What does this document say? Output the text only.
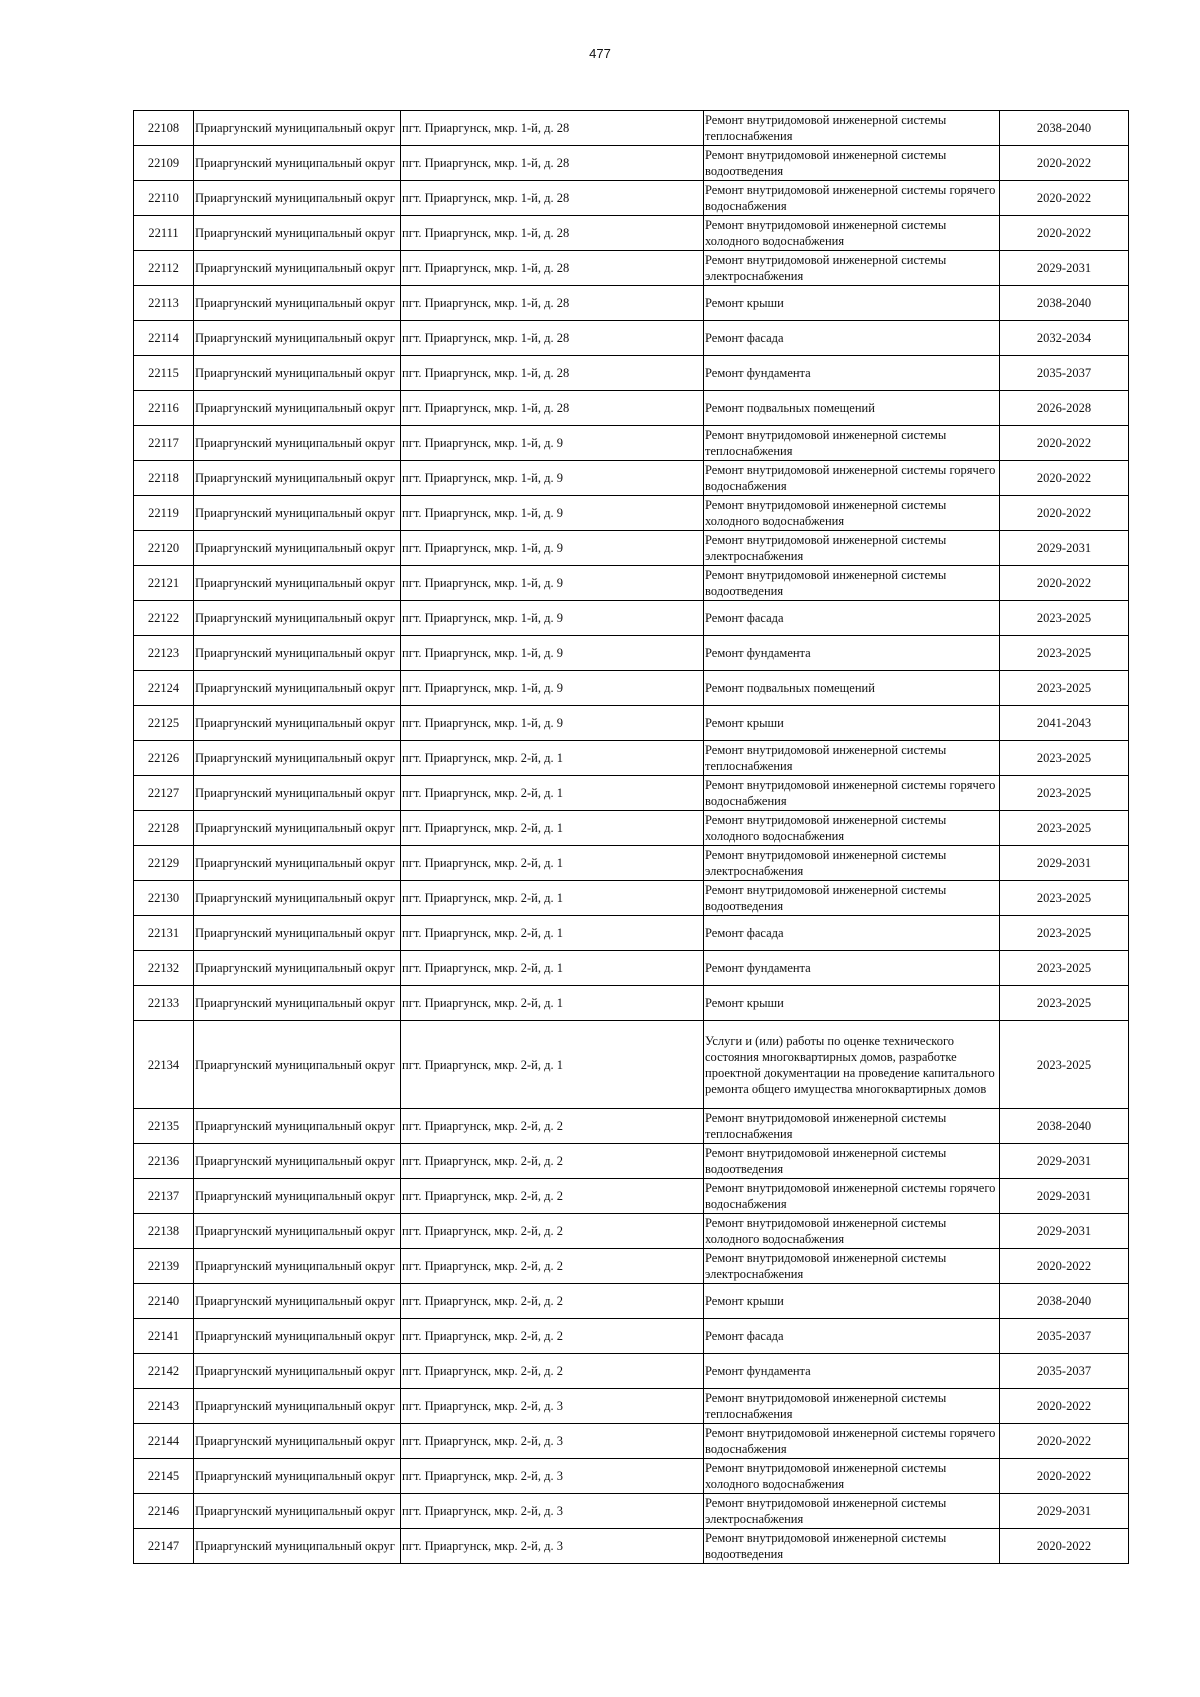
477
22108	Приаргунский муниципальный округ	пгт. Приаргунск, мкр. 1-й, д. 28	Ремонт внутридомовой инженерной системы теплоснабжения	2038-2040
22109	Приаргунский муниципальный округ	пгт. Приаргунск, мкр. 1-й, д. 28	Ремонт внутридомовой инженерной системы водоотведения	2020-2022
22110	Приаргунский муниципальный округ	пгт. Приаргунск, мкр. 1-й, д. 28	Ремонт внутридомовой инженерной системы горячего водоснабжения	2020-2022
22111	Приаргунский муниципальный округ	пгт. Приаргунск, мкр. 1-й, д. 28	Ремонт внутридомовой инженерной системы холодного водоснабжения	2020-2022
22112	Приаргунский муниципальный округ	пгт. Приаргунск, мкр. 1-й, д. 28	Ремонт внутридомовой инженерной системы электроснабжения	2029-2031
22113	Приаргунский муниципальный округ	пгт. Приаргунск, мкр. 1-й, д. 28	Ремонт крыши	2038-2040
22114	Приаргунский муниципальный округ	пгт. Приаргунск, мкр. 1-й, д. 28	Ремонт фасада	2032-2034
22115	Приаргунский муниципальный округ	пгт. Приаргунск, мкр. 1-й, д. 28	Ремонт фундамента	2035-2037
22116	Приаргунский муниципальный округ	пгт. Приаргунск, мкр. 1-й, д. 28	Ремонт подвальных помещений	2026-2028
22117	Приаргунский муниципальный округ	пгт. Приаргунск, мкр. 1-й, д. 9	Ремонт внутридомовой инженерной системы теплоснабжения	2020-2022
22118	Приаргунский муниципальный округ	пгт. Приаргунск, мкр. 1-й, д. 9	Ремонт внутридомовой инженерной системы горячего водоснабжения	2020-2022
22119	Приаргунский муниципальный округ	пгт. Приаргунск, мкр. 1-й, д. 9	Ремонт внутридомовой инженерной системы холодного водоснабжения	2020-2022
22120	Приаргунский муниципальный округ	пгт. Приаргунск, мкр. 1-й, д. 9	Ремонт внутридомовой инженерной системы электроснабжения	2029-2031
22121	Приаргунский муниципальный округ	пгт. Приаргунск, мкр. 1-й, д. 9	Ремонт внутридомовой инженерной системы водоотведения	2020-2022
22122	Приаргунский муниципальный округ	пгт. Приаргунск, мкр. 1-й, д. 9	Ремонт фасада	2023-2025
22123	Приаргунский муниципальный округ	пгт. Приаргунск, мкр. 1-й, д. 9	Ремонт фундамента	2023-2025
22124	Приаргунский муниципальный округ	пгт. Приаргунск, мкр. 1-й, д. 9	Ремонт подвальных помещений	2023-2025
22125	Приаргунский муниципальный округ	пгт. Приаргунск, мкр. 1-й, д. 9	Ремонт крыши	2041-2043
22126	Приаргунский муниципальный округ	пгт. Приаргунск, мкр. 2-й, д. 1	Ремонт внутридомовой инженерной системы теплоснабжения	2023-2025
22127	Приаргунский муниципальный округ	пгт. Приаргунск, мкр. 2-й, д. 1	Ремонт внутридомовой инженерной системы горячего водоснабжения	2023-2025
22128	Приаргунский муниципальный округ	пгт. Приаргунск, мкр. 2-й, д. 1	Ремонт внутридомовой инженерной системы холодного водоснабжения	2023-2025
22129	Приаргунский муниципальный округ	пгт. Приаргунск, мкр. 2-й, д. 1	Ремонт внутридомовой инженерной системы электроснабжения	2029-2031
22130	Приаргунский муниципальный округ	пгт. Приаргунск, мкр. 2-й, д. 1	Ремонт внутридомовой инженерной системы водоотведения	2023-2025
22131	Приаргунский муниципальный округ	пгт. Приаргунск, мкр. 2-й, д. 1	Ремонт фасада	2023-2025
22132	Приаргунский муниципальный округ	пгт. Приаргунск, мкр. 2-й, д. 1	Ремонт фундамента	2023-2025
22133	Приаргунский муниципальный округ	пгт. Приаргунск, мкр. 2-й, д. 1	Ремонт крыши	2023-2025
22134	Приаргунский муниципальный округ	пгт. Приаргунск, мкр. 2-й, д. 1	Услуги и (или) работы по оценке технического состояния многоквартирных домов, разработке проектной документации на проведение капитального ремонта общего имущества многоквартирных домов	2023-2025
22135	Приаргунский муниципальный округ	пгт. Приаргунск, мкр. 2-й, д. 2	Ремонт внутридомовой инженерной системы теплоснабжения	2038-2040
22136	Приаргунский муниципальный округ	пгт. Приаргунск, мкр. 2-й, д. 2	Ремонт внутридомовой инженерной системы водоотведения	2029-2031
22137	Приаргунский муниципальный округ	пгт. Приаргунск, мкр. 2-й, д. 2	Ремонт внутридомовой инженерной системы горячего водоснабжения	2029-2031
22138	Приаргунский муниципальный округ	пгт. Приаргунск, мкр. 2-й, д. 2	Ремонт внутридомовой инженерной системы холодного водоснабжения	2029-2031
22139	Приаргунский муниципальный округ	пгт. Приаргунск, мкр. 2-й, д. 2	Ремонт внутридомовой инженерной системы электроснабжения	2020-2022
22140	Приаргунский муниципальный округ	пгт. Приаргунск, мкр. 2-й, д. 2	Ремонт крыши	2038-2040
22141	Приаргунский муниципальный округ	пгт. Приаргунск, мкр. 2-й, д. 2	Ремонт фасада	2035-2037
22142	Приаргунский муниципальный округ	пгт. Приаргунск, мкр. 2-й, д. 2	Ремонт фундамента	2035-2037
22143	Приаргунский муниципальный округ	пгт. Приаргунск, мкр. 2-й, д. 3	Ремонт внутридомовой инженерной системы теплоснабжения	2020-2022
22144	Приаргунский муниципальный округ	пгт. Приаргунск, мкр. 2-й, д. 3	Ремонт внутридомовой инженерной системы горячего водоснабжения	2020-2022
22145	Приаргунский муниципальный округ	пгт. Приаргунск, мкр. 2-й, д. 3	Ремонт внутридомовой инженерной системы холодного водоснабжения	2020-2022
22146	Приаргунский муниципальный округ	пгт. Приаргунск, мкр. 2-й, д. 3	Ремонт внутридомовой инженерной системы электроснабжения	2029-2031
22147	Приаргунский муниципальный округ	пгт. Приаргунск, мкр. 2-й, д. 3	Ремонт внутридомовой инженерной системы водоотведения	2020-2022
